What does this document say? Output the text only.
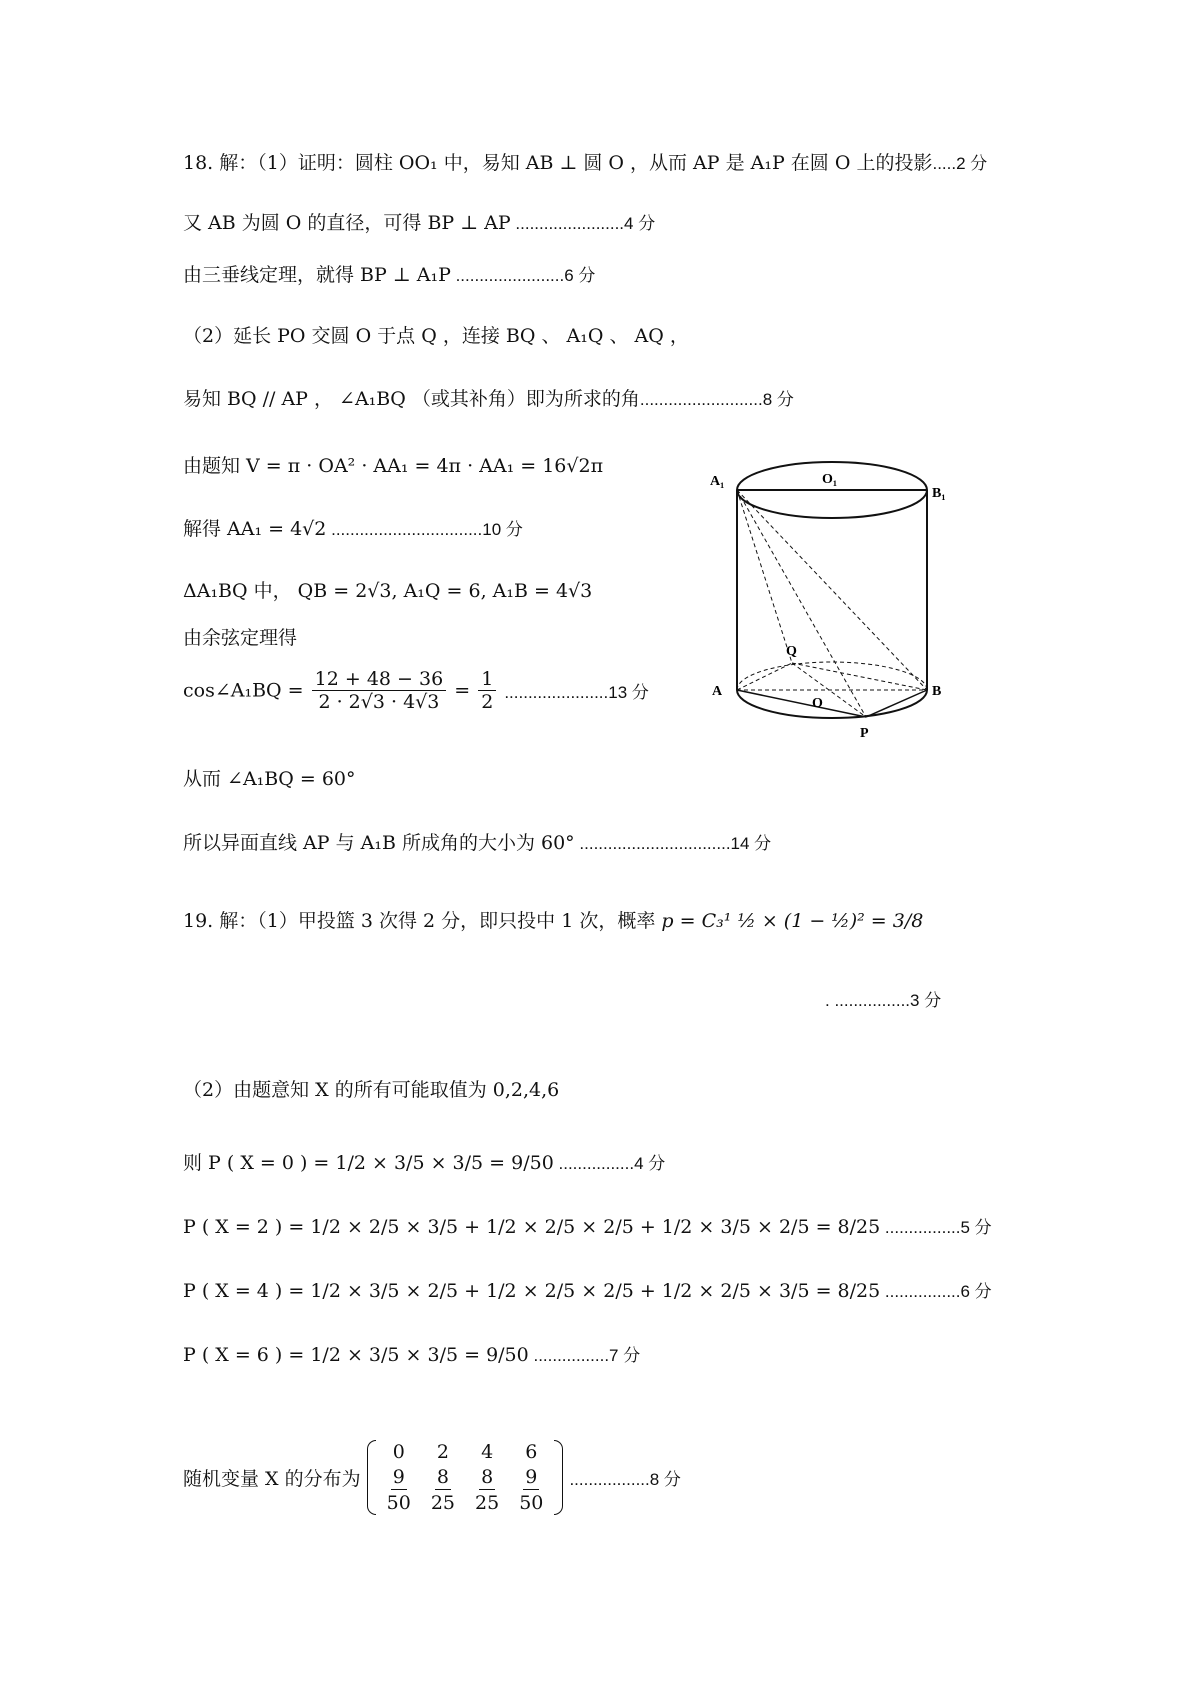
18. 解：（1）证明：圆柱 OO₁ 中，易知 AB ⊥ 圆 O ，从而 AP 是 A₁P 在圆 O 上的投影.....2 分
又 AB 为圆 O 的直径，可得 BP ⊥ AP .......................4 分
由三垂线定理，就得 BP ⊥ A₁P .......................6 分
（2）延长 PO 交圆 O 于点 Q ，连接 BQ 、 A₁Q 、 AQ ，
易知 BQ // AP ， ∠A₁BQ （或其补角）即为所求的角..........................8 分
由题知 V = π · OA² · AA₁ = 4π · AA₁ = 16√2π
解得 AA₁ = 4√2 ................................10 分
ΔA₁BQ 中， QB = 2√3, A₁Q = 6, A₁B = 4√3
由余弦定理得
cos∠A₁BQ = $\frac{12 + 48 - 36}{2 \cdot 2√3 \cdot 4√3} = \frac{1}{2} ......................13$ 分
从而 ∠A₁BQ = 60°
所以异面直线 AP 与 A₁B 所成角的大小为 60° ................................14 分
A₁	O₁
B₁
Q
A
O
B
P
19. 解：（1）甲投篮 3 次得 2 分，即只投中 1 次，概率 p = C₃¹ ½ × (1 − ½)² = 3/8
. ................3 分
（2）由题意知 X 的所有可能取值为 0,2,4,6
则 P ( X = 0 ) = 1/2 × 3/5 × 3/5 = 9/50 ................4 分
P ( X = 2 ) = 1/2 × 2/5 × 3/5 + 1/2 × 2/5 × 2/5 + 1/2 × 3/5 × 2/5 = 8/25 ................5 分
P ( X = 4 ) = 1/2 × 3/5 × 2/5 + 1/2 × 2/5 × 2/5 + 1/2 × 2/5 × 3/5 = 8/25 ................6 分
P ( X = 6 ) = 1/2 × 3/5 × 3/5 = 9/50 ................7 分
随机变量 X 的分布为
0	2	4	6
9	8	8	9
50	25	25	50
.................8 分
